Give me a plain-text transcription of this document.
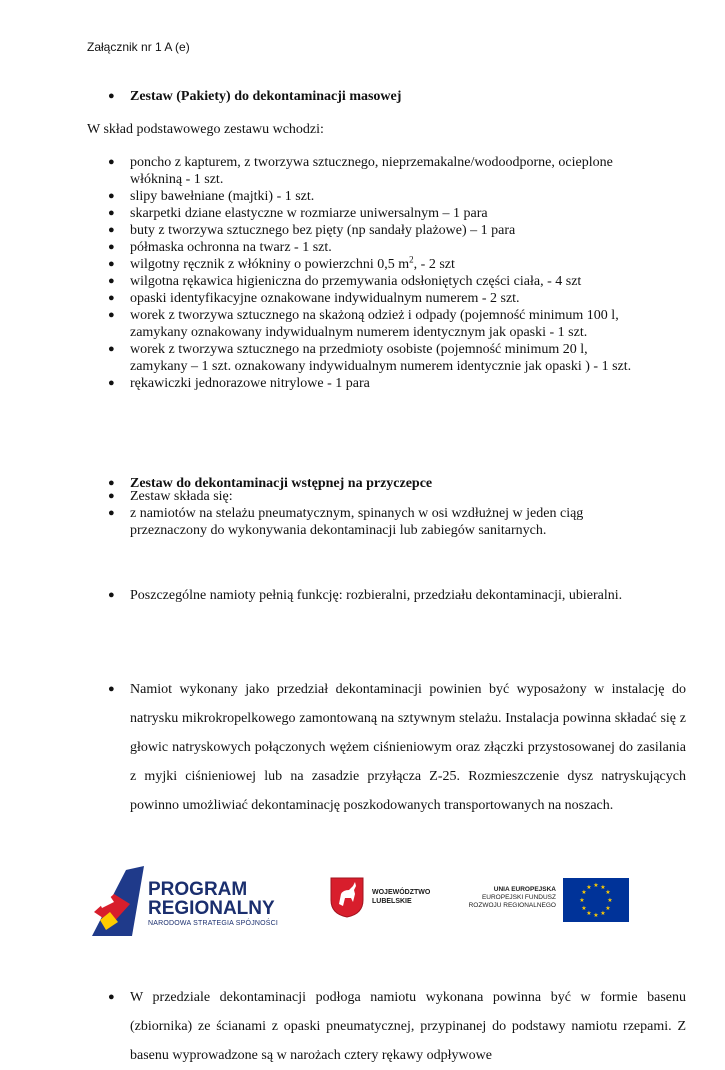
Załącznik nr 1 A (e)
● Zestaw (Pakiety) do dekontaminacji masowej
W skład podstawowego zestawu wchodzi:
● poncho z kapturem, z tworzywa sztucznego, nieprzemakalne/wodoodporne, ocieplone włókniną - 1 szt.
● slipy bawełniane (majtki) - 1 szt.
● skarpetki dziane elastyczne w rozmiarze uniwersalnym – 1 para
● buty z tworzywa sztucznego bez pięty (np sandały plażowe) – 1 para
● półmaska ochronna na twarz - 1 szt.
● wilgotny ręcznik z włókniny o powierzchni 0,5 $m^2$, - 2 szt
● wilgotna rękawica higieniczna do przemywania odsłoniętych części ciała, - 4 szt
● opaski identyfikacyjne oznakowane indywidualnym numerem - 2 szt.
● worek z tworzywa sztucznego na skażoną odzież i odpady (pojemność minimum 100 l, zamykany oznakowany indywidualnym numerem identycznym jak opaski - 1 szt.
● worek z tworzywa sztucznego na przedmioty osobiste (pojemność minimum 20 l, zamykany – 1 szt. oznakowany indywidualnym numerem identycznie jak opaski ) - 1 szt.
● rękawiczki jednorazowe nitrylowe - 1 para
● Zestaw do dekontaminacji wstępnej na przyczepce
● Zestaw składa się:
● z namiotów na stelażu pneumatycznym, spinanych w osi wzdłużnej w jeden ciąg przeznaczony do wykonywania dekontaminacji lub zabiegów sanitarnych.
● Poszczególne namioty pełnią funkcję: rozbieralni, przedziału dekontaminacji, ubieralni.
● Namiot wykonany jako przedział dekontaminacji powinien być wyposażony w instalację do natrysku mikrokropelkowego zamontowaną na sztywnym stelażu. Instalacja powinna składać się z głowic natryskowych połączonych wężem ciśnieniowym oraz złączki przystosowanej do zasilania z myjki ciśnieniowej lub na zasadzie przyłącza Z-25. Rozmieszczenie dysz natryskujących powinno umożliwiać dekontaminację poszkodowanych transportowanych na noszach.
● W przedziale dekontaminacji podłoga namiotu wykonana powinna być w formie basenu (zbiornika) ze ścianami z opaski pneumatycznej, przypinanej do podstawy namiotu rzepami. Z basenu wyprowadzone są w narożach cztery rękawy odpływowe
PROGRAM
REGIONALNY
NARODOWA STRATEGIA SPÓJNOŚCI
WOJEWÓDZTWO
LUBELSKIE
UNIA EUROPEJSKA
EUROPEJSKI FUNDUSZ
ROZWOJU REGIONALNEGO
★ ★
★
★
★
★
★
★
★
★
★
★
